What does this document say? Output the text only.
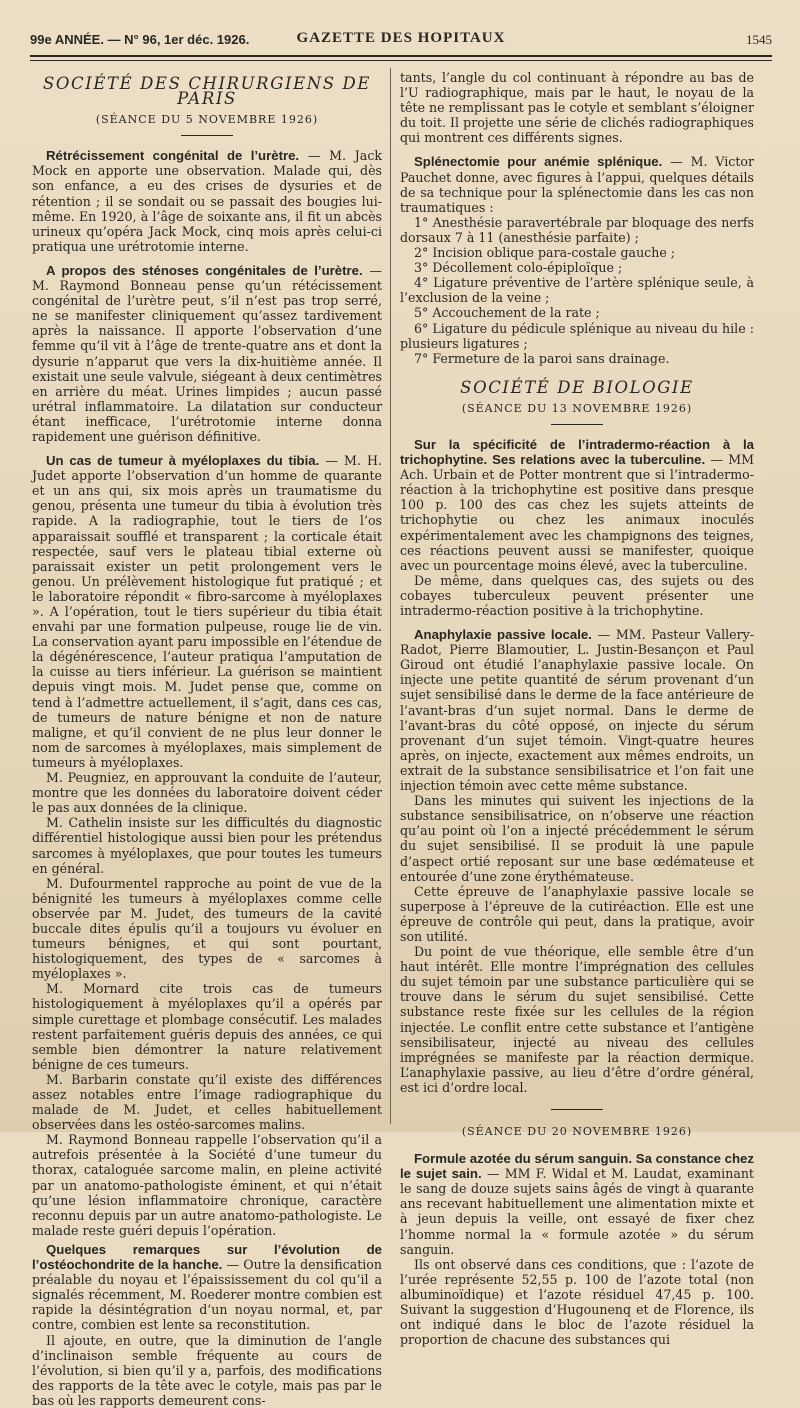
99e ANNÉE. — N° 96, 1er déc. 1926.	GAZETTE DES HOPITAUX	1545
SOCIÉTÉ DES CHIRURGIENS DE PARIS
(SÉANCE DU 5 NOVEMBRE 1926)

Rétrécissement congénital de l’urètre. — M. Jack Mock en apporte une observation. Malade qui, dès son enfance, a eu des crises de dysuries et de rétention ; il se sondait ou se passait des bougies lui-même. En 1920, à l’âge de soixante ans, il fit un abcès urineux qu’opéra Jack Mock, cinq mois après celui-ci pratiqua une urétrotomie interne.

A propos des sténoses congénitales de l’urètre. — M. Raymond Bonneau pense qu’un rétécissement congénital de l’urètre peut, s’il n’est pas trop serré, ne se manifester cliniquement qu’assez tardivement après la naissance. Il apporte l’observation d’une femme qu’il vit à l’âge de trente-quatre ans et dont la dysurie n’apparut que vers la dix-huitième année. Il existait une seule valvule, siégeant à deux centimètres en arrière du méat. Urines limpides ; aucun passé urétral inflammatoire. La dilatation sur conducteur étant inefficace, l’urétrotomie interne donna rapidement une guérison définitive.

Un cas de tumeur à myéloplaxes du tibia. — M. H. Judet apporte l’observation d’un homme de quarante et un ans qui, six mois après un traumatisme du genou, présenta une tumeur du tibia à évolution très rapide. A la radiographie, tout le tiers de l’os apparaissait soufflé et transparent ; la corticale était respectée, sauf vers le plateau tibial externe où paraissait exister un petit prolongement vers le genou. Un prélèvement histologique fut pratiqué ; et le laboratoire répondit « fibro-sarcome à myéloplaxes ». A l’opération, tout le tiers supérieur du tibia était envahi par une formation pulpeuse, rouge lie de vin. La conservation ayant paru impossible en l’étendue de la dégénérescence, l’auteur pratiqua l’amputation de la cuisse au tiers inférieur. La guérison se maintient depuis vingt mois. M. Judet pense que, comme on tend à l’admettre actuellement, il s’agit, dans ces cas, de tumeurs de nature bénigne et non de nature maligne, et qu’il convient de ne plus leur donner le nom de sarcomes à myéloplaxes, mais simplement de tumeurs à myéloplaxes.

M. Peugniez, en approuvant la conduite de l’auteur, montre que les données du laboratoire doivent céder le pas aux données de la clinique.

M. Cathelin insiste sur les difficultés du diagnostic différentiel histologique aussi bien pour les prétendus sarcomes à myéloplaxes, que pour toutes les tumeurs en général.

M. Dufourmentel rapproche au point de vue de la bénignité les tumeurs à myéloplaxes comme celle observée par M. Judet, des tumeurs de la cavité buccale dites épulis qu’il a toujours vu évoluer en tumeurs bénignes, et qui sont pourtant, histologiquement, des types de « sarcomes à myéloplaxes ».

M. Mornard cite trois cas de tumeurs histologiquement à myéloplaxes qu’il a opérés par simple curettage et plombage consécutif. Les malades restent parfaitement guéris depuis des années, ce qui semble bien démontrer la nature relativement bénigne de ces tumeurs.

M. Barbarin constate qu’il existe des différences assez notables entre l’image radiographique du malade de M. Judet, et celles habituellement observées dans les ostéo-sarcomes malins.

M. Raymond Bonneau rappelle l’observation qu’il a autrefois présentée à la Société d’une tumeur du thorax, cataloguée sarcome malin, en pleine activité par un anatomo-pathologiste éminent, et qui n’était qu’une lésion inflammatoire chronique, caractère reconnu depuis par un autre anatomo-pathologiste. Le malade reste guéri depuis l’opération.

Quelques remarques sur l’évolution de l’ostéochondrite de la hanche. — Outre la densification préalable du noyau et l’épaississement du col qu’il a signalés récemment, M. Roederer montre combien est rapide la désintégration d’un noyau normal, et, par contre, combien est lente sa reconstitution.

Il ajoute, en outre, que la diminution de l’angle d’inclinaison semble fréquente au cours de l’évolution, si bien qu’il y a, parfois, des modifications des rapports de la tête avec le cotyle, mais pas par le bas où les rapports demeurent cons-

tants, l’angle du col continuant à répondre au bas de l’U radiographique, mais par le haut, le noyau de la tête ne remplissant pas le cotyle et semblant s’éloigner du toit. Il projette une série de clichés radiographiques qui montrent ces différents signes.

Splénectomie pour anémie splénique. — M. Victor Pauchet donne, avec figures à l’appui, quelques détails de sa technique pour la splénectomie dans les cas non traumatiques :

1° Anesthésie paravertébrale par bloquage des nerfs dorsaux 7 à 11 (anesthésie parfaite) ;

2° Incision oblique para-costale gauche ;

3° Décollement colo-épiploïque ;

4° Ligature préventive de l’artère splénique seule, à l’exclusion de la veine ;

5° Accouchement de la rate ;

6° Ligature du pédicule splénique au niveau du hile : plusieurs ligatures ;

7° Fermeture de la paroi sans drainage.

SOCIÉTÉ DE BIOLOGIE
(SÉANCE DU 13 NOVEMBRE 1926)

Sur la spécificité de l’intradermo-réaction à la trichophytine. Ses relations avec la tuberculine. — MM Ach. Urbain et de Potter montrent que si l’intradermo-réaction à la trichophytine est positive dans presque 100 p. 100 des cas chez les sujets atteints de trichophytie ou chez les animaux inoculés expérimentalement avec les champignons des teignes, ces réactions peuvent aussi se manifester, quoique avec un pourcentage moins élevé, avec la tuberculine.

De même, dans quelques cas, des sujets ou des cobayes tuberculeux peuvent présenter une intradermo-réaction positive à la trichophytine.

Anaphylaxie passive locale. — MM. Pasteur Vallery-Radot, Pierre Blamoutier, L. Justin-Besançon et Paul Giroud ont étudié l’anaphylaxie passive locale. On injecte une petite quantité de sérum provenant d’un sujet sensibilisé dans le derme de la face antérieure de l’avant-bras d’un sujet normal. Dans le derme de l’avant-bras du côté opposé, on injecte du sérum provenant d’un sujet témoin. Vingt-quatre heures après, on injecte, exactement aux mêmes endroits, un extrait de la substance sensibilisatrice et l’on fait une injection témoin avec cette même substance.

Dans les minutes qui suivent les injections de la substance sensibilisatrice, on n’observe une réaction qu’au point où l’on a injecté précédemment le sérum du sujet sensibilisé. Il se produit là une papule d’aspect ortié reposant sur une base œdémateuse et entourée d’une zone érythémateuse.

Cette épreuve de l’anaphylaxie passive locale se superpose à l’épreuve de la cutiréaction. Elle est une épreuve de contrôle qui peut, dans la pratique, avoir son utilité.

Du point de vue théorique, elle semble être d’un haut intérêt. Elle montre l’imprégnation des cellules du sujet témoin par une substance particulière qui se trouve dans le sérum du sujet sensibilisé. Cette substance reste fixée sur les cellules de la région injectée. Le conflit entre cette substance et l’antigène sensibilisateur, injecté au niveau des cellules imprégnées se manifeste par la réaction dermique. L’anaphylaxie passive, au lieu d’être d’ordre général, est ici d’ordre local.

(SÉANCE DU 20 NOVEMBRE 1926)

Formule azotée du sérum sanguin. Sa constance chez le sujet sain. — MM F. Widal et M. Laudat, examinant le sang de douze sujets sains âgés de vingt à quarante ans recevant habituellement une alimentation mixte et à jeun depuis la veille, ont essayé de fixer chez l’homme normal la « formule azotée » du sérum sanguin.

Ils ont observé dans ces conditions, que : l’azote de l’urée représente 52,55 p. 100 de l’azote total (non albuminoïdique) et l’azote résiduel 47,45 p. 100. Suivant la suggestion d’Hugounenq et de Florence, ils ont indiqué dans le bloc de l’azote résiduel la proportion de chacune des substances qui
